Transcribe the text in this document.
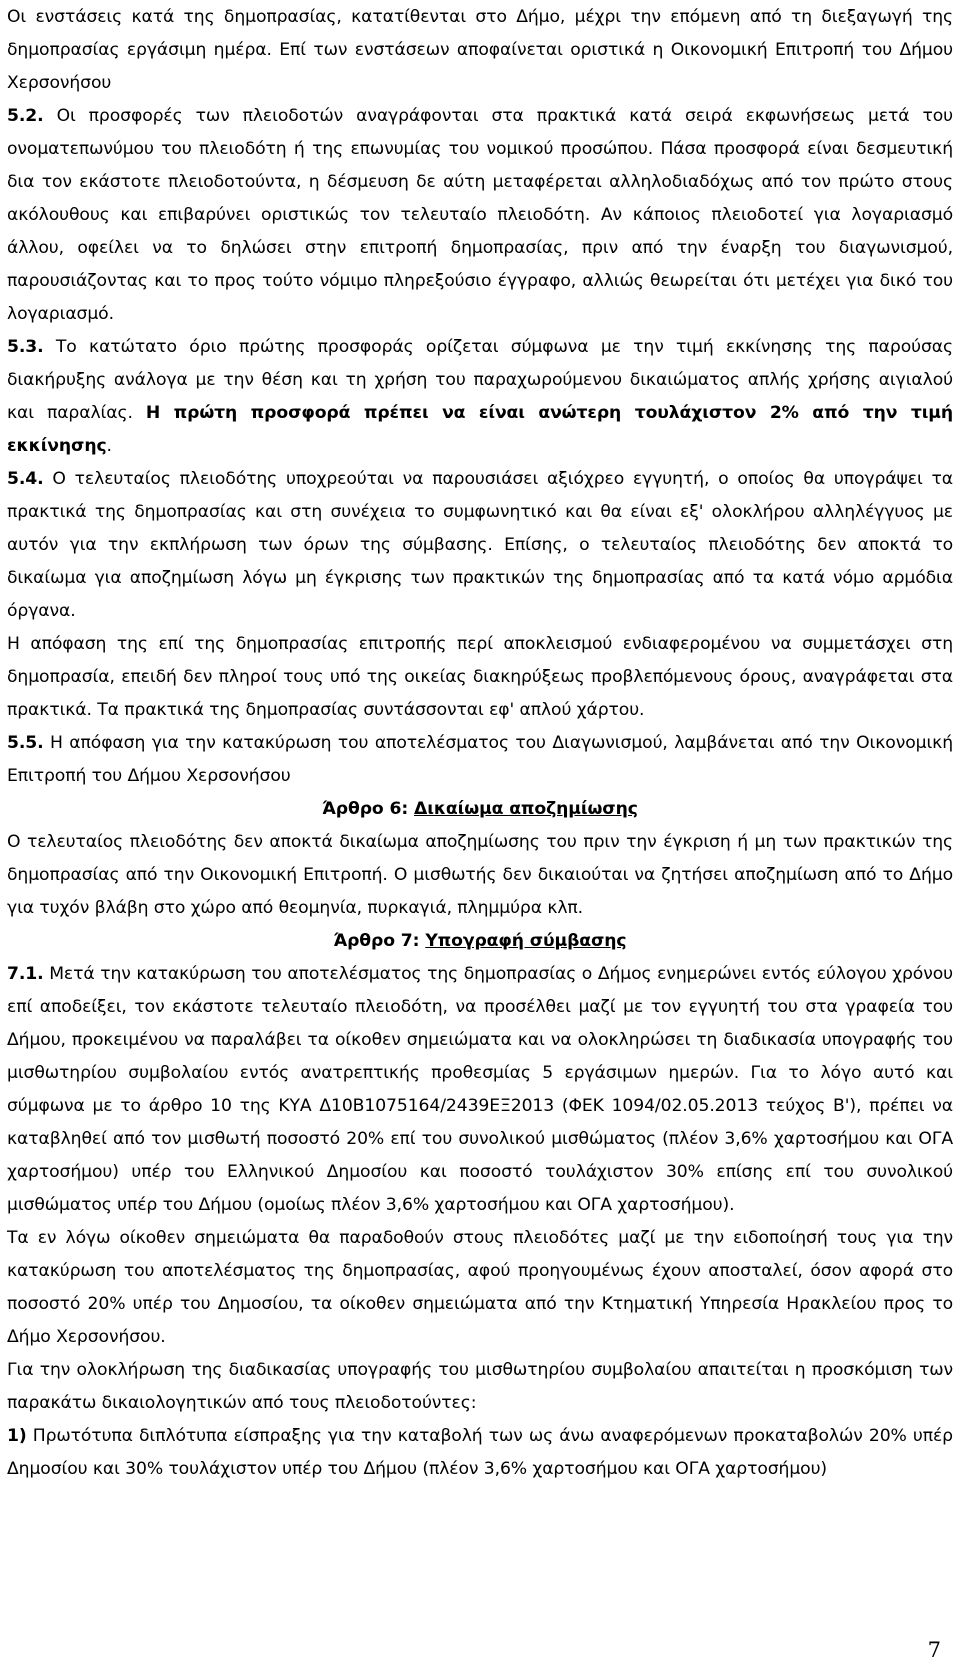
Οι ενστάσεις κατά της δημοπρασίας, κατατίθενται στο Δήμο, μέχρι την επόμενη από τη διεξαγωγή της δημοπρασίας εργάσιμη ημέρα. Επί των ενστάσεων αποφαίνεται οριστικά η Οικονομική Επιτροπή του Δήμου Χερσονήσου

5.2. Οι προσφορές των πλειοδοτών αναγράφονται στα πρακτικά κατά σειρά εκφωνήσεως μετά του ονοματεπωνύμου του πλειοδότη ή της επωνυμίας του νομικού προσώπου. Πάσα προσφορά είναι δεσμευτική δια τον εκάστοτε πλειοδοτούντα, η δέσμευση δε αύτη μεταφέρεται αλληλοδιαδόχως από τον πρώτο στους ακόλουθους και επιβαρύνει οριστικώς τον τελευταίο πλειοδότη. Αν κάποιος πλειοδοτεί για λογαριασμό άλλου, οφείλει να το δηλώσει στην επιτροπή δημοπρασίας, πριν από την έναρξη του διαγωνισμού, παρουσιάζοντας και το προς τούτο νόμιμο πληρεξούσιο έγγραφο, αλλιώς θεωρείται ότι μετέχει για δικό του λογαριασμό.

5.3. Το κατώτατο όριο πρώτης προσφοράς ορίζεται σύμφωνα με την τιμή εκκίνησης της παρούσας διακήρυξης ανάλογα με την θέση και τη χρήση του παραχωρούμενου δικαιώματος απλής χρήσης αιγιαλού και παραλίας. Η πρώτη προσφορά πρέπει να είναι ανώτερη τουλάχιστον 2% από την τιμή εκκίνησης.

5.4. Ο τελευταίος πλειοδότης υποχρεούται να παρουσιάσει αξιόχρεο εγγυητή, ο οποίος θα υπογράψει τα πρακτικά της δημοπρασίας και στη συνέχεια το συμφωνητικό και θα είναι εξ' ολοκλήρου αλληλέγγυος με αυτόν για την εκπλήρωση των όρων της σύμβασης. Επίσης, ο τελευταίος πλειοδότης δεν αποκτά το δικαίωμα για αποζημίωση λόγω μη έγκρισης των πρακτικών της δημοπρασίας από τα κατά νόμο αρμόδια όργανα.

Η απόφαση της επί της δημοπρασίας επιτροπής περί αποκλεισμού ενδιαφερομένου να συμμετάσχει στη δημοπρασία, επειδή δεν πληροί τους υπό της οικείας διακηρύξεως προβλεπόμενους όρους, αναγράφεται στα πρακτικά. Τα πρακτικά της δημοπρασίας συντάσσονται εφ' απλού χάρτου.

5.5. Η απόφαση για την κατακύρωση του αποτελέσματος του Διαγωνισμού, λαμβάνεται από την Οικονομική Επιτροπή του Δήμου Χερσονήσου

Άρθρο 6: Δικαίωμα αποζημίωσης

Ο τελευταίος πλειοδότης δεν αποκτά δικαίωμα αποζημίωσης του πριν την έγκριση ή μη των πρακτικών της δημοπρασίας από την Οικονομική Επιτροπή. Ο μισθωτής δεν δικαιούται να ζητήσει αποζημίωση από το Δήμο για τυχόν βλάβη στο χώρο από θεομηνία, πυρκαγιά, πλημμύρα κλπ.

Άρθρο 7: Υπογραφή σύμβασης

7.1. Μετά την κατακύρωση του αποτελέσματος της δημοπρασίας ο Δήμος ενημερώνει εντός εύλογου χρόνου επί αποδείξει, τον εκάστοτε τελευταίο πλειοδότη, να προσέλθει μαζί με τον εγγυητή του στα γραφεία του Δήμου, προκειμένου να παραλάβει τα οίκοθεν σημειώματα και να ολοκληρώσει τη διαδικασία υπογραφής του μισθωτηρίου συμβολαίου εντός ανατρεπτικής προθεσμίας 5 εργάσιμων ημερών. Για το λόγο αυτό και σύμφωνα με το άρθρο 10 της ΚΥΑ Δ10Β1075164/2439ΕΞ2013 (ΦΕΚ 1094/02.05.2013 τεύχος Β'), πρέπει να καταβληθεί από τον μισθωτή ποσοστό 20% επί του συνολικού μισθώματος (πλέον 3,6% χαρτοσήμου και ΟΓΑ χαρτοσήμου) υπέρ του Ελληνικού Δημοσίου και ποσοστό τουλάχιστον 30% επίσης επί του συνολικού μισθώματος υπέρ του Δήμου (ομοίως πλέον 3,6% χαρτοσήμου και ΟΓΑ χαρτοσήμου).

Τα εν λόγω οίκοθεν σημειώματα θα παραδοθούν στους πλειοδότες μαζί με την ειδοποίησή τους για την κατακύρωση του αποτελέσματος της δημοπρασίας, αφού προηγουμένως έχουν αποσταλεί, όσον αφορά στο ποσοστό 20% υπέρ του Δημοσίου, τα οίκοθεν σημειώματα από την Κτηματική Υπηρεσία Ηρακλείου προς το Δήμο Χερσονήσου.

Για την ολοκλήρωση της διαδικασίας υπογραφής του μισθωτηρίου συμβολαίου απαιτείται η προσκόμιση των παρακάτω δικαιολογητικών από τους πλειοδοτούντες:

1) Πρωτότυπα διπλότυπα είσπραξης για την καταβολή των ως άνω αναφερόμενων προκαταβολών 20% υπέρ Δημοσίου και 30% τουλάχιστον υπέρ του Δήμου (πλέον 3,6% χαρτοσήμου και ΟΓΑ χαρτοσήμου)

7
